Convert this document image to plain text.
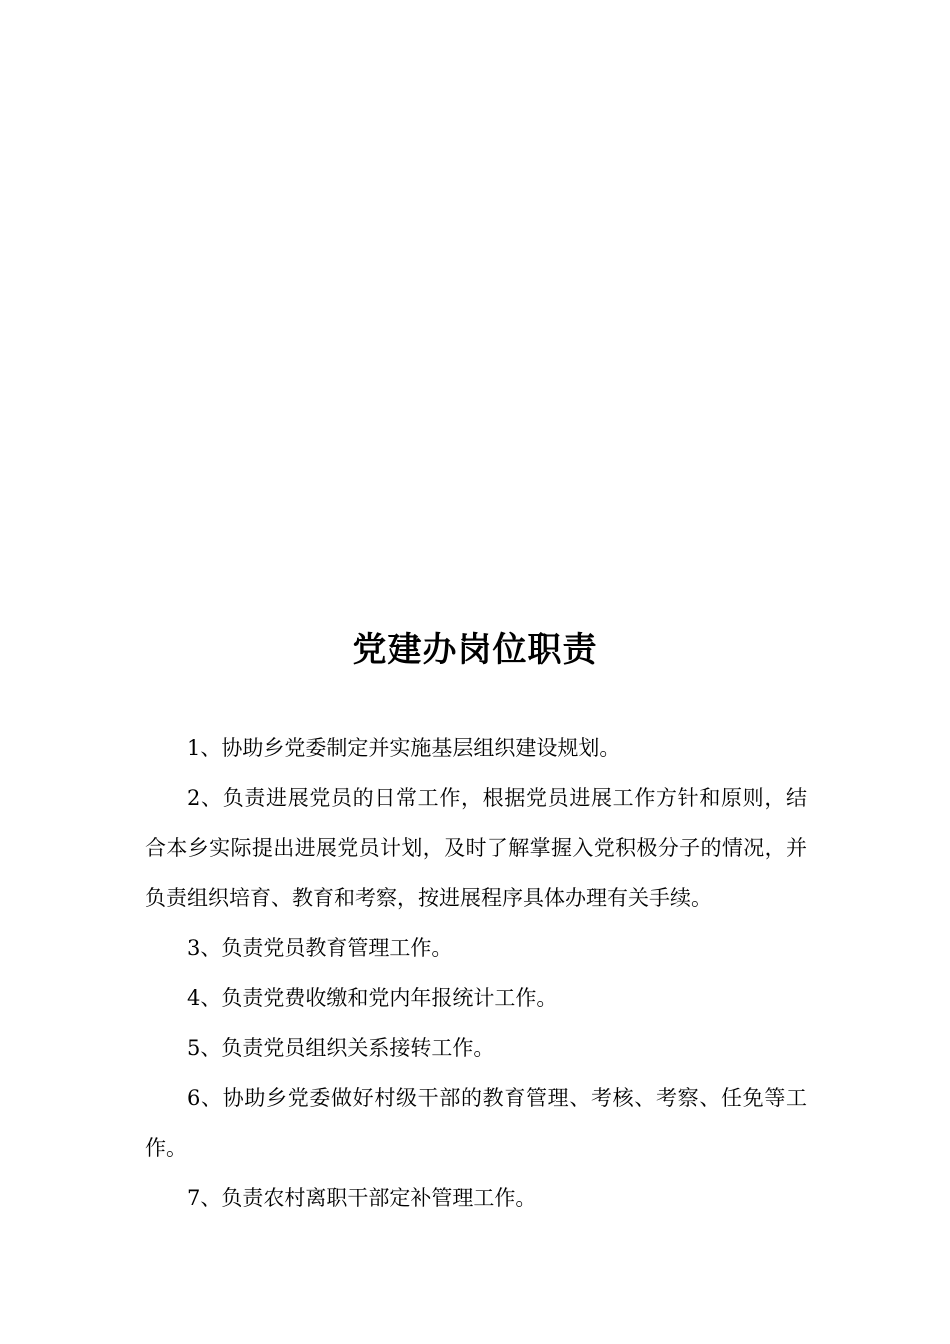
党建办岗位职责

1、协助乡党委制定并实施基层组织建设规划。

2、负责进展党员的日常工作，根据党员进展工作方针和原则，结合本乡实际提出进展党员计划，及时了解掌握入党积极分子的情况，并负责组织培育、教育和考察，按进展程序具体办理有关手续。

3、负责党员教育管理工作。

4、负责党费收缴和党内年报统计工作。

5、负责党员组织关系接转工作。

6、协助乡党委做好村级干部的教育管理、考核、考察、任免等工作。

7、负责农村离职干部定补管理工作。
